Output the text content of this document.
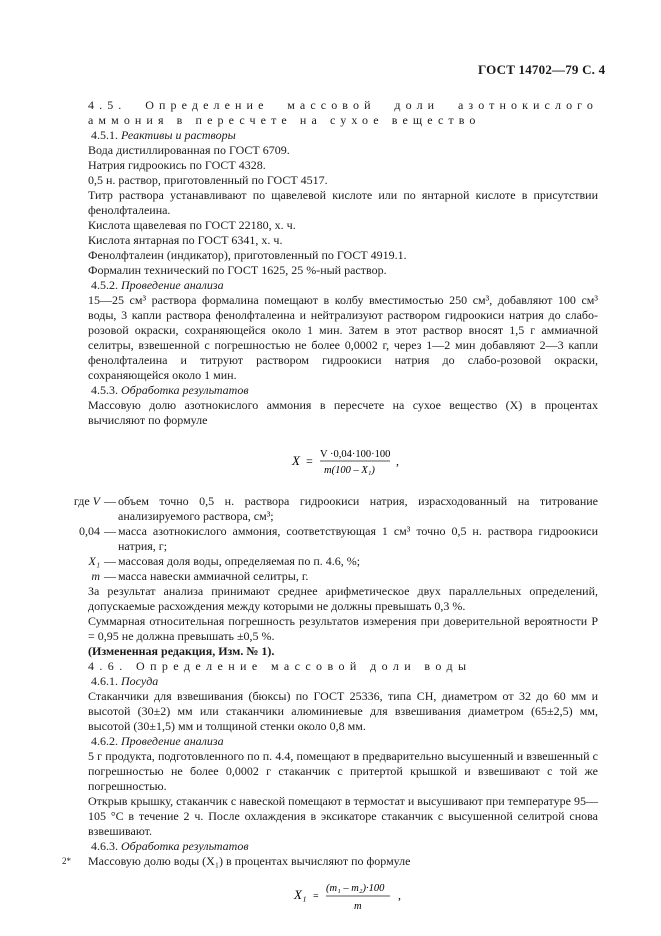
ГОСТ 14702—79 С. 4

4.5. Определение массовой доли азотнокислого аммония в пересчете на сухое вещество

4.5.1. Реактивы и растворы

Вода дистиллированная по ГОСТ 6709.

Натрия гидроокись по ГОСТ 4328.

0,5 н. раствор, приготовленный по ГОСТ 4517.

Титр раствора устанавливают по щавелевой кислоте или по янтарной кислоте в присутствии фенолфталеина.

Кислота щавелевая по ГОСТ 22180, х. ч.

Кислота янтарная по ГОСТ 6341, х. ч.

Фенолфталеин (индикатор), приготовленный по ГОСТ 4919.1.

Формалин технический по ГОСТ 1625, 25 %-ный раствор.

4.5.2. Проведение анализа

15—25 см³ раствора формалина помещают в колбу вместимостью 250 см³, добавляют 100 см³ воды, 3 капли раствора фенолфталеина и нейтрализуют раствором гидроокиси натрия до слабо-розовой окраски, сохраняющейся около 1 мин. Затем в этот раствор вносят 1,5 г аммиачной селитры, взвешенной с погрешностью не более 0,0002 г, через 1—2 мин добавляют 2—3 капли фенолфталеина и титруют раствором гидроокиси натрия до слабо-розовой окраски, сохраняющейся около 1 мин.

4.5.3. Обработка результатов

Массовую долю азотнокислого аммония в пересчете на сухое вещество (X) в процентах вычисляют по формуле

X = V ·0,04·100·100
m(100 – X₁)
,
где V — объем точно 0,5 н. раствора гидроокиси натрия, израсходованный на титрование анализируемого раствора, см³;
0,04 — масса азотнокислого аммония, соответствующая 1 см³ точно 0,5 н. раствора гидроокиси натрия, г;
X₁ — массовая доля воды, определяемая по п. 4.6, %;
m — масса навески аммиачной селитры, г.

За результат анализа принимают среднее арифметическое двух параллельных определений, допускаемые расхождения между которыми не должны превышать 0,3 %.

Суммарная относительная погрешность результатов измерения при доверительной вероятности P = 0,95 не должна превышать ±0,5 %.

(Измененная редакция, Изм. № 1).

4.6. Определение массовой доли воды

4.6.1. Посуда

Стаканчики для взвешивания (бюксы) по ГОСТ 25336, типа СН, диаметром от 32 до 60 мм и высотой (30±2) мм или стаканчики алюминиевые для взвешивания диаметром (65±2,5) мм, высотой (30±1,5) мм и толщиной стенки около 0,8 мм.

4.6.2. Проведение анализа

5 г продукта, подготовленного по п. 4.4, помещают в предварительно высушенный и взвешенный с погрешностью не более 0,0002 г стаканчик с притертой крышкой и взвешивают с той же погрешностью.

Открыв крышку, стаканчик с навеской помещают в термостат и высушивают при температуре 95—105 °С в течение 2 ч. После охлаждения в эксикаторе стаканчик с высушенной селитрой снова взвешивают.

4.6.3. Обработка результатов

Массовую долю воды (X₁) в процентах вычисляют по формуле

X₁ =
(m₁ – m₂)·100
m
,
2*
